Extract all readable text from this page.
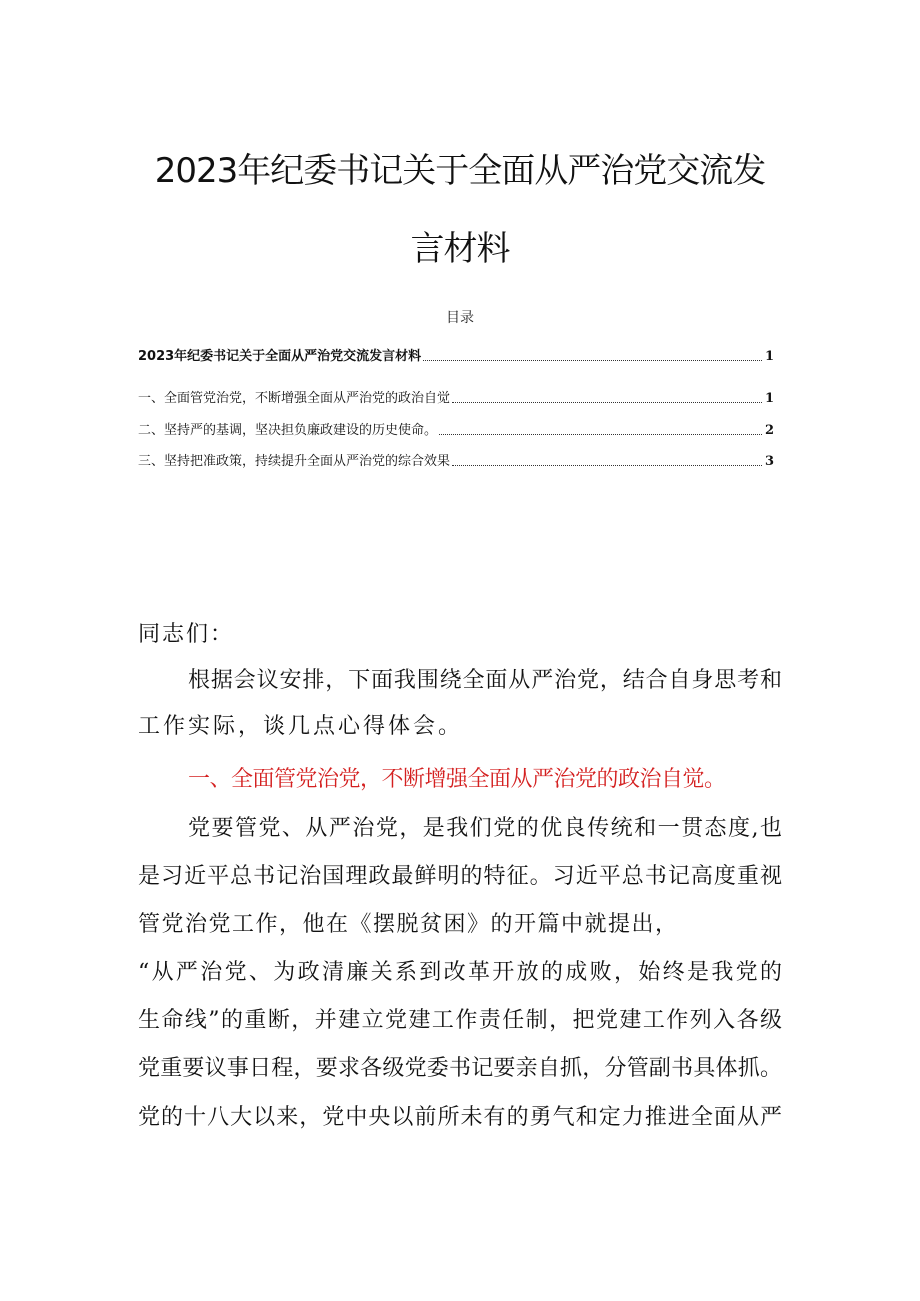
2023年纪委书记关于全面从严治党交流发
言材料
目录
2023年纪委书记关于全面从严治党交流发言材料	1
一、全面管党治党，不断增强全面从严治党的政治自觉	1
二、坚持严的基调，坚决担负廉政建设的历史使命。	2
三、坚持把准政策，持续提升全面从严治党的综合效果	3
同志们：
根据会议安排，下面我围绕全面从严治党，结合自身思考和
工作实际，谈几点心得体会。
一、全面管党治党，不断增强全面从严治党的政治自觉。
党要管党、从严治党，是我们党的优良传统和一贯态度,也
是习近平总书记治国理政最鲜明的特征。习近平总书记高度重视
管党治党工作，他在《摆脱贫困》的开篇中就提出，
“从严治党、为政清廉关系到改革开放的成败，始终是我党的
生命线”的重断，并建立党建工作责任制，把党建工作列入各级
党重要议事日程，要求各级党委书记要亲自抓，分管副书具体抓。
党的十八大以来，党中央以前所未有的勇气和定力推进全面从严
